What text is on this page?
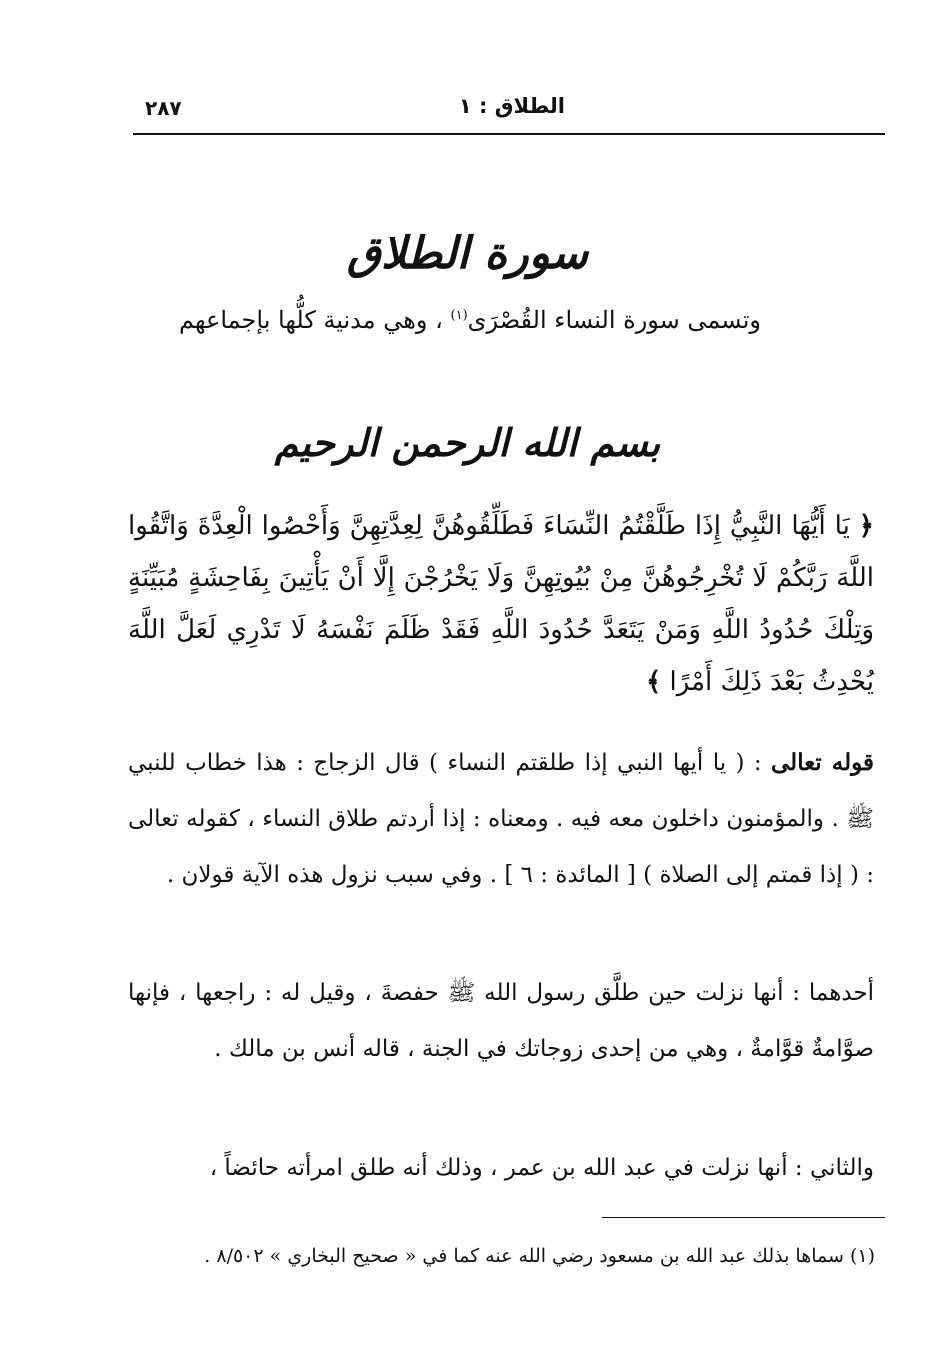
الطلاق : ١
٢٨٧
سورة الطلاق
وتسمى سورة النساء القُصْرَى$^{(١)}$ ، وهي مدنية كلُّها بإجماعهم
بسم الله الرحمن الرحيم
﴿ يَا أَيُّهَا النَّبِيُّ إِذَا طَلَّقْتُمُ النِّسَاءَ فَطَلِّقُوهُنَّ لِعِدَّتِهِنَّ وَأَحْصُوا الْعِدَّةَ وَاتَّقُوا اللَّهَ رَبَّكُمْ لَا تُخْرِجُوهُنَّ مِنْ بُيُوتِهِنَّ وَلَا يَخْرُجْنَ إِلَّا أَنْ يَأْتِينَ بِفَاحِشَةٍ مُبَيِّنَةٍ وَتِلْكَ حُدُودُ اللَّهِ وَمَنْ يَتَعَدَّ حُدُودَ اللَّهِ فَقَدْ ظَلَمَ نَفْسَهُ لَا تَدْرِي لَعَلَّ اللَّهَ يُحْدِثُ بَعْدَ ذَلِكَ أَمْرًا ﴾
قوله تعالى : ( يا أيها النبي إذا طلقتم النساء ) قال الزجاج : هذا خطاب للنبي ﷺ . والمؤمنون داخلون معه فيه . ومعناه : إذا أردتم طلاق النساء ، كقوله تعالى : ( إذا قمتم إلى الصلاة ) [ المائدة : ٦ ] . وفي سبب نزول هذه الآية قولان .
أحدهما : أنها نزلت حين طلَّق رسول الله ﷺ حفصةَ ، وقيل له : راجعها ، فإنها صوَّامةٌ قوَّامةٌ ، وهي من إحدى زوجاتك في الجنة ، قاله أنس بن مالك .
والثاني : أنها نزلت في عبد الله بن عمر ، وذلك أنه طلق امرأته حائضاً ،
(١) سماها بذلك عبد الله بن مسعود رضي الله عنه كما في « صحيح البخاري » ٨/٥٠٢ .
